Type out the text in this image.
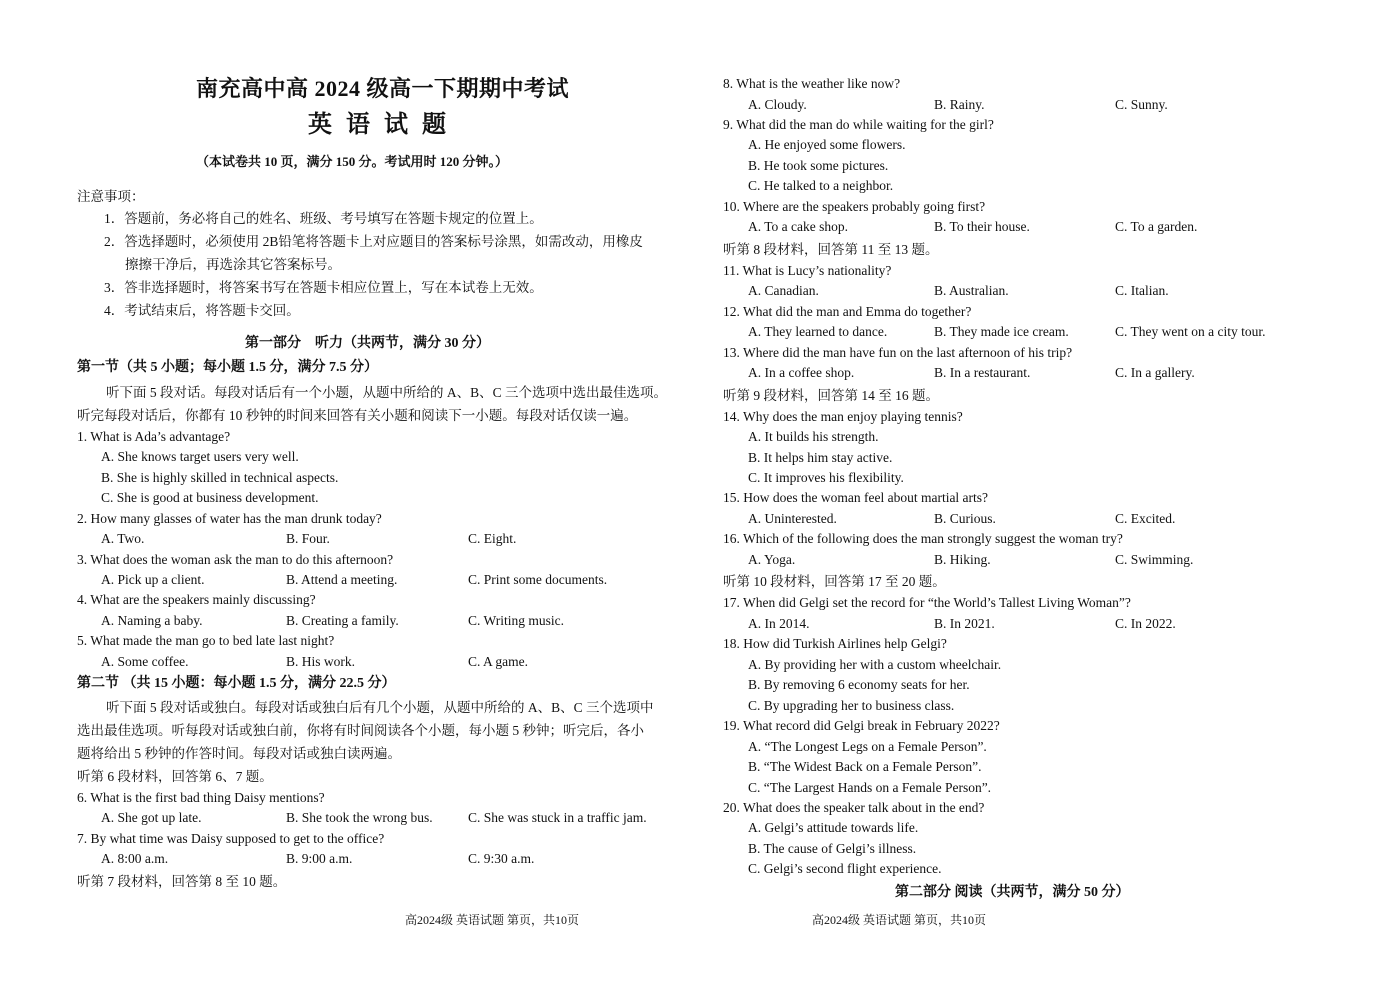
南充高中高 2024 级高一下期期中考试
英语试题
（本试卷共 10 页，满分 150 分。考试用时 120 分钟。）
注意事项：
1．答题前，务必将自己的姓名、班级、考号填写在答题卡规定的位置上。
2．答选择题时，必须使用 2B铅笔将答题卡上对应题目的答案标号涂黑，如需改动，用橡皮
擦擦干净后，再选涂其它答案标号。
3．答非选择题时，将答案书写在答题卡相应位置上，写在本试卷上无效。
4．考试结束后，将答题卡交回。
第一部分　听力（共两节，满分 30 分）
第一节（共 5 小题；每小题 1.5 分，满分 7.5 分）
听下面 5 段对话。每段对话后有一个小题，从题中所给的 A、B、C 三个选项中选出最佳选项。
听完每段对话后，你都有 10 秒钟的时间来回答有关小题和阅读下一小题。每段对话仅读一遍。
1. What is Ada’s advantage?
A. She knows target users very well.
B. She is highly skilled in technical aspects.
C. She is good at business development.
2. How many glasses of water has the man drunk today?
A. Two.	B. Four.	C. Eight.
3. What does the woman ask the man to do this afternoon?
A. Pick up a client.	B. Attend a meeting.	C. Print some documents.
4. What are the speakers mainly discussing?
A. Naming a baby.	B. Creating a family.	C. Writing music.
5. What made the man go to bed late last night?
A. Some coffee.	B. His work.	C. A game.
第二节 （共 15 小题：每小题 1.5 分，满分 22.5 分）
听下面 5 段对话或独白。每段对话或独白后有几个小题，从题中所给的 A、B、C 三个选项中
选出最佳选项。听每段对话或独白前，你将有时间阅读各个小题，每小题 5 秒钟；听完后，各小
题将给出 5 秒钟的作答时间。每段对话或独白读两遍。
听第 6 段材料，回答第 6、7 题。
6. What is the first bad thing Daisy mentions?
A. She got up late.	B. She took the wrong bus.	C. She was stuck in a traffic jam.
7. By what time was Daisy supposed to get to the office?
A. 8:00 a.m.	B. 9:00 a.m.	C. 9:30 a.m.
听第 7 段材料，回答第 8 至 10 题。
高2024级 英语试题 第页，共10页
8. What is the weather like now?
A. Cloudy.	B. Rainy.	C. Sunny.
9. What did the man do while waiting for the girl?
A. He enjoyed some flowers.
B. He took some pictures.
C. He talked to a neighbor.
10. Where are the speakers probably going first?
A. To a cake shop.	B. To their house.	C. To a garden.
听第 8 段材料，回答第 11 至 13 题。
11. What is Lucy’s nationality?
A. Canadian.	B. Australian.	C. Italian.
12. What did the man and Emma do together?
A. They learned to dance.	B. They made ice cream.	C. They went on a city tour.
13. Where did the man have fun on the last afternoon of his trip?
A. In a coffee shop.	B. In a restaurant.	C. In a gallery.
听第 9 段材料，回答第 14 至 16 题。
14. Why does the man enjoy playing tennis?
A. It builds his strength.
B. It helps him stay active.
C. It improves his flexibility.
15. How does the woman feel about martial arts?
A. Uninterested.	B. Curious.	C. Excited.
16. Which of the following does the man strongly suggest the woman try?
A. Yoga.	B. Hiking.	C. Swimming.
听第 10 段材料，回答第 17 至 20 题。
17. When did Gelgi set the record for “the World’s Tallest Living Woman”?
A. In 2014.	B. In 2021.	C. In 2022.
18. How did Turkish Airlines help Gelgi?
A. By providing her with a custom wheelchair.
B. By removing 6 economy seats for her.
C. By upgrading her to business class.
19. What record did Gelgi break in February 2022?
A. “The Longest Legs on a Female Person”.
B. “The Widest Back on a Female Person”.
C. “The Largest Hands on a Female Person”.
20. What does the speaker talk about in the end?
A. Gelgi’s attitude towards life.
B. The cause of Gelgi’s illness.
C. Gelgi’s second flight experience.
第二部分 阅读（共两节，满分 50 分）
高2024级 英语试题 第页，共10页
